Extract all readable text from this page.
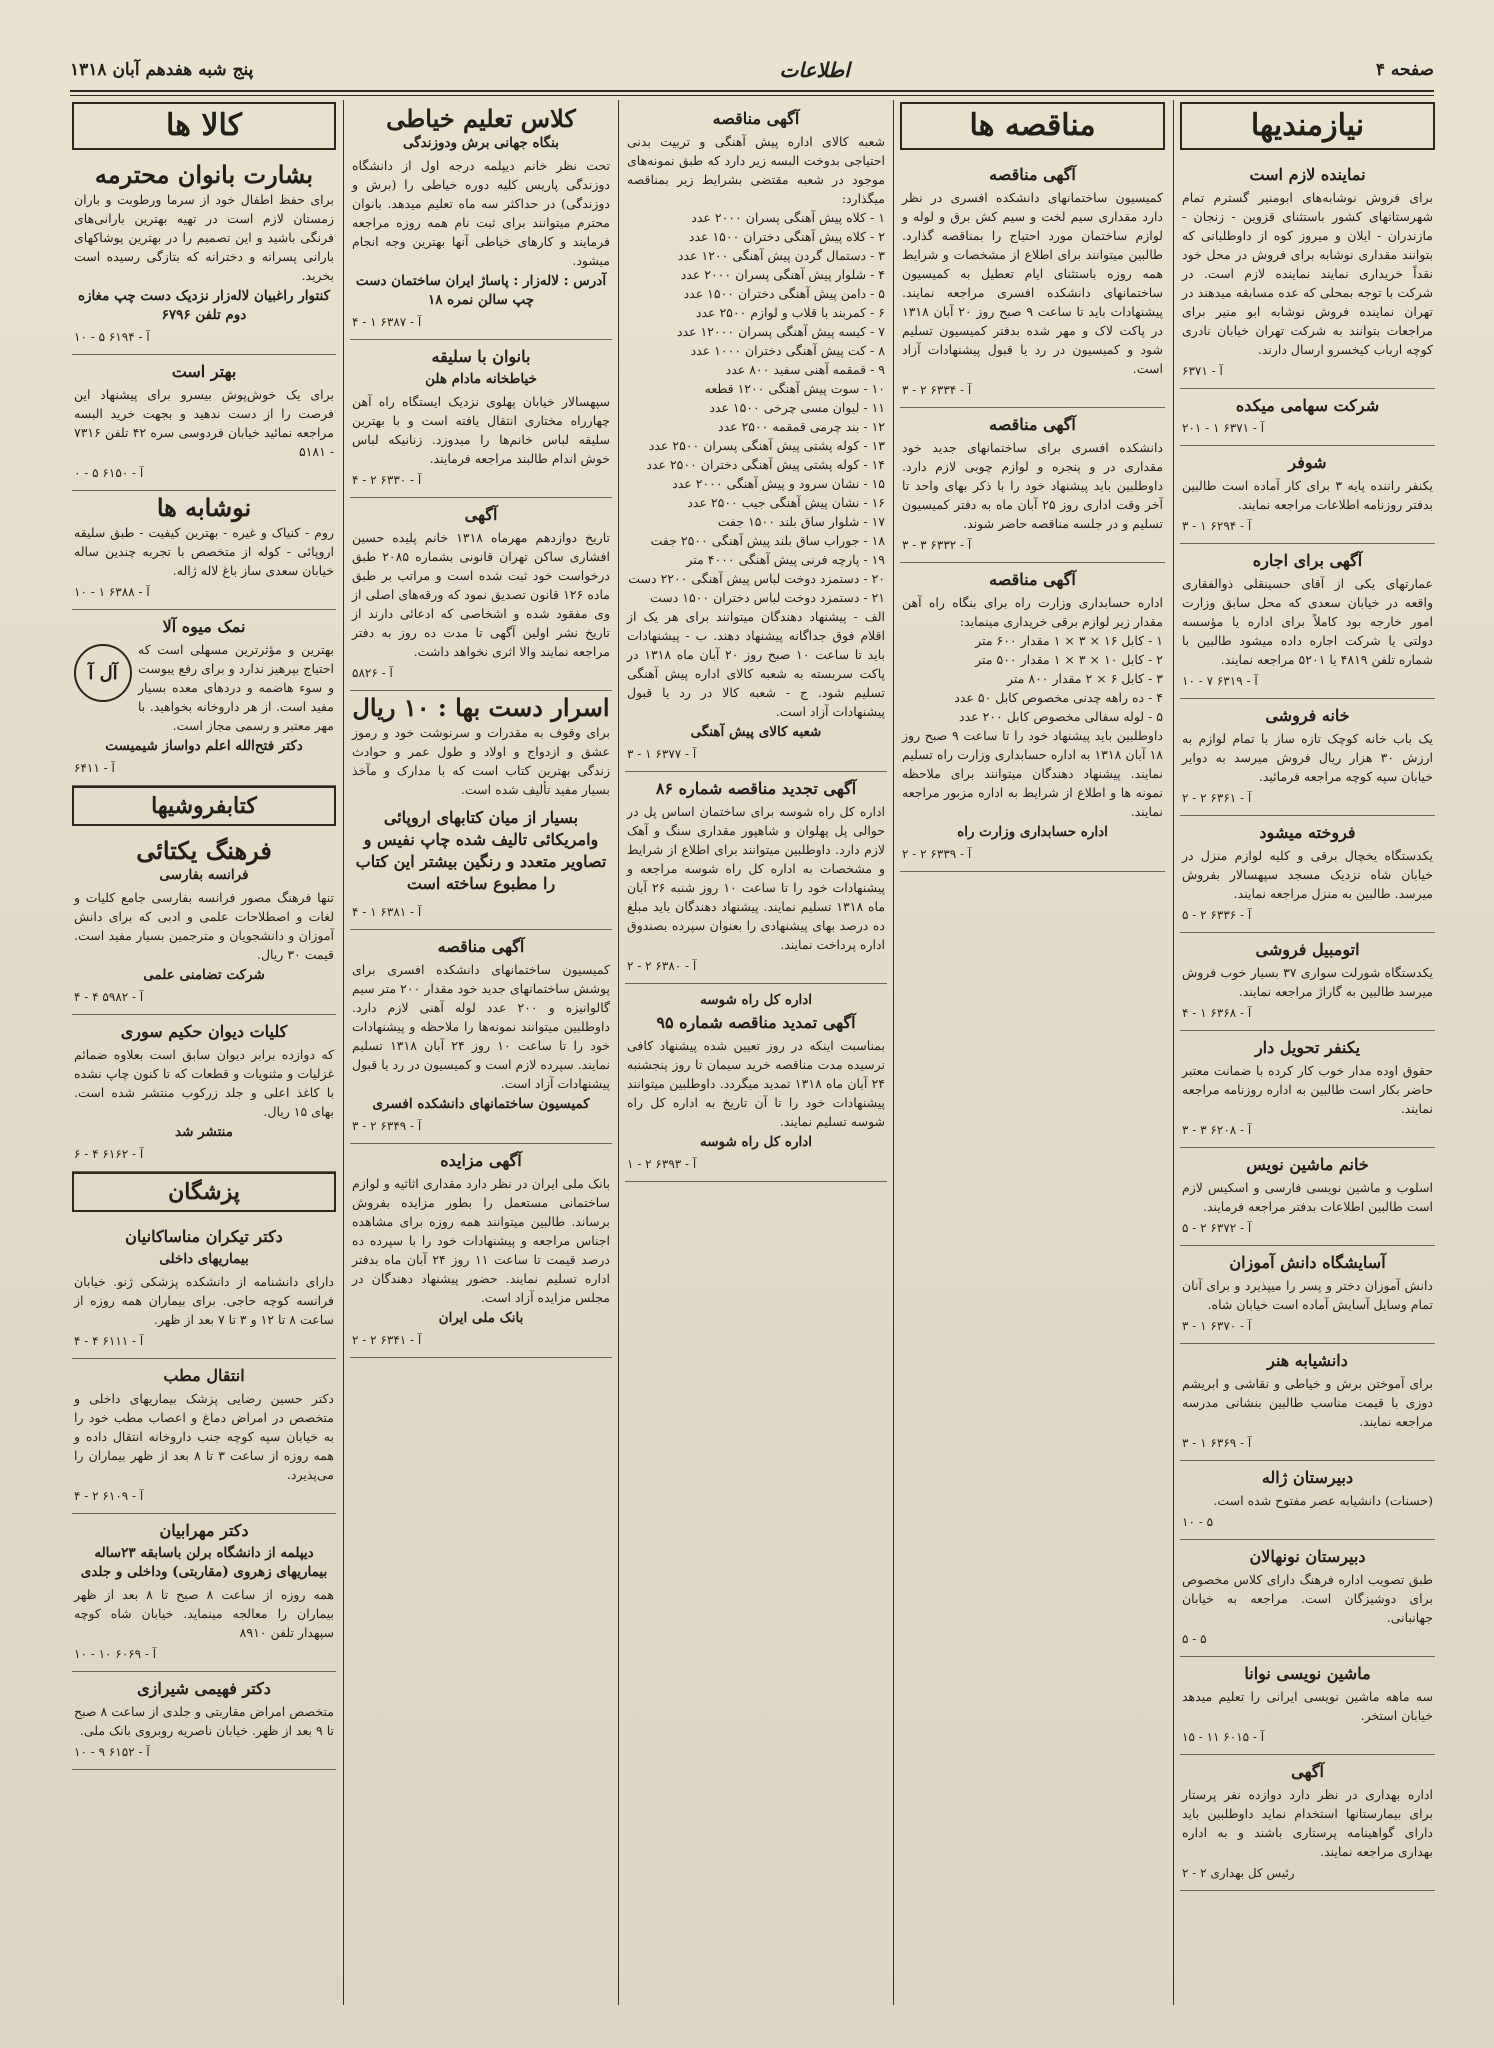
صفحه ۴
اطلاعات
پنج شبه هفدهم آبان ۱۳۱۸
نیازمندیها
نماینده لازم است

برای فروش نوشابه‌های ابومنیر گسترم تمام شهرستانهای کشور باستثنای قزوین - زنجان - مازندران - ایلان و میروز کوه از داوطلبانی که بتوانند مقداری نوشابه برای فروش در محل خود نقداً خریداری نمایند نماینده لازم است. در شرکت با توجه بمحلی که عده مسابقه میدهند در تهران نماینده فروش نوشابه ابو منیر برای مراجعات بتوانند به شرکت تهران خیابان نادری کوچه ارباب کیخسرو ارسال دارند.

آ - ۶۳۷۱
شرکت سهامی میکده
آ - ۶۳۷۱ ۱ - ۲۰۱
شوفر

یکنفر راننده پایه ۳ برای کار آماده است طالبین بدفتر روزنامه اطلاعات مراجعه نمایند.

آ - ۶۲۹۴ ۱ - ۳
آگهی برای اجاره

عمارتهای یکی از آقای حسینقلی ذوالفقاری واقعه در خیابان سعدی که محل سابق وزارت امور خارجه بود کاملاً برای اداره یا مؤسسه دولتی یا شرکت اجاره داده میشود طالبین با شماره تلفن ۴۸۱۹ یا ۵۲۰۱ مراجعه نمایند.

آ - ۶۳۱۹ ۷ - ۱۰
خانه فروشی

یک باب خانه کوچک تازه ساز با تمام لوازم به ارزش ۳۰ هزار ریال فروش میرسد به دوایر خیابان سپه کوچه مراجعه فرمائید.

آ - ۶۳۶۱ ۲ - ۲
فروخته میشود

یکدستگاه یخچال برقی و کلیه لوازم منزل در خیابان شاه نزدیک مسجد سپهسالار بفروش میرسد. طالبین به منزل مراجعه نمایند.

آ - ۶۳۳۶ ۲ - ۵
اتومبیل فروشی

یکدستگاه شورلت سواری ۳۷ بسیار خوب فروش میرسد طالبین به گاراژ مراجعه نمایند.

آ - ۶۳۶۸ ۱ - ۴
یکنفر تحویل دار

حقوق اوده مدار خوب کار کرده با ضمانت معتبر حاضر بکار است طالبین به اداره روزنامه مراجعه نمایند.

آ - ۶۲۰۸ ۳ - ۳
خانم ماشین نویس

اسلوب و ماشین نویسی فارسی و اسکیس لازم است طالبین اطلاعات بدفتر مراجعه فرمایند.

آ - ۶۳۷۲ ۲ - ۵
آسایشگاه دانش آموزان

دانش آموزان دختر و پسر را میپذیرد و برای آنان تمام وسایل آسایش آماده است خیابان شاه.

آ - ۶۳۷۰ ۱ - ۳
دانشیابه هنر

برای آموختن برش و خیاطی و نقاشی و ابریشم دوزی با قیمت مناسب طالبین بنشانی مدرسه مراجعه نمایند.

آ - ۶۳۶۹ ۱ - ۳
دبیرستان ژاله

(حسنات) دانشیابه عصر مفتوح شده است.

۵ - ۱۰
دبیرستان نونهالان

طبق تصویب اداره فرهنگ دارای کلاس مخصوص برای دوشیزگان است. مراجعه به خیابان جهانبانی.

۵ - ۵
ماشین نویسی نوانا

سه ماهه ماشین نویسی ایرانی را تعلیم میدهد خیابان استخر.

آ - ۶۰۱۵ ۱۱ - ۱۵
آگهی

اداره بهداری در نظر دارد دوازده نفر پرستار برای بیمارستانها استخدام نماید داوطلبین باید دارای گواهینامه پرستاری باشند و به اداره بهداری مراجعه نمایند.

رئیس کل بهداری ۲ - ۲
مناقصه ها
آگهی مناقصه

کمیسیون ساختمانهای دانشکده افسری در نظر دارد مقداری سیم لخت و سیم کش برق و لوله و لوازم ساختمان مورد احتیاج را بمناقصه گذارد. طالبین میتوانند برای اطلاع از مشخصات و شرایط همه روزه باستثنای ایام تعطیل به کمیسیون ساختمانهای دانشکده افسری مراجعه نمایند. پیشنهادات باید تا ساعت ۹ صبح روز ۲۰ آبان ۱۳۱۸ در پاکت لاک و مهر شده بدفتر کمیسیون تسلیم شود و کمیسیون در رد یا قبول پیشنهادات آزاد است.

آ - ۶۳۳۴ ۲ - ۳
آگهی مناقصه

دانشکده افسری برای ساختمانهای جدید خود مقداری در و پنجره و لوازم چوبی لازم دارد. داوطلبین باید پیشنهاد خود را با ذکر بهای واحد تا آخر وقت اداری روز ۲۵ آبان ماه به دفتر کمیسیون تسلیم و در جلسه مناقصه حاضر شوند.

آ - ۶۳۳۲ ۳ - ۳
آگهی مناقصه

اداره حسابداری وزارت راه برای بنگاه راه آهن مقدار زیر لوازم برقی خریداری مینماید:

۱ - کابل ۱۶ × ۳ × ۱ مقدار ۶۰۰ متر

۲ - کابل ۱۰ × ۳ × ۱ مقدار ۵۰۰ متر

۳ - کابل ۶ × ۲ مقدار ۸۰۰ متر

۴ - ده راهه چدنی مخصوص کابل ۵۰ عدد

۵ - لوله سفالی مخصوص کابل ۲۰۰ عدد

داوطلبین باید پیشنهاد خود را تا ساعت ۹ صبح روز ۱۸ آبان ۱۳۱۸ به اداره حسابداری وزارت راه تسلیم نمایند. پیشنهاد دهندگان میتوانند برای ملاحظه نمونه ها و اطلاع از شرایط به اداره مزبور مراجعه نمایند.

اداره حسابداری وزارت راه
آ - ۶۳۳۹ ۲ - ۲
آگهی مناقصه

شعبه کالای اداره پیش آهنگی و تربیت بدنی احتیاجی بدوخت البسه زیر دارد که طبق نمونه‌های موجود در شعبه مقتضی بشرایط زیر بمناقصه میگذارد:

۱ - کلاه پیش آهنگی پسران ۲۰۰۰ عدد

۲ - کلاه پیش آهنگی دختران ۱۵۰۰ عدد

۳ - دستمال گردن پیش آهنگی ۱۲۰۰ عدد

۴ - شلوار پیش آهنگی پسران ۲۰۰۰ عدد

۵ - دامن پیش آهنگی دختران ۱۵۰۰ عدد

۶ - کمربند با قلاب و لوازم ۲۵۰۰ عدد

۷ - کیسه پیش آهنگی پسران ۱۲۰۰۰ عدد

۸ - کت پیش آهنگی دختران ۱۰۰۰ عدد

۹ - قمقمه آهنی سفید ۸۰۰ عدد

۱۰ - سوت پیش آهنگی ۱۲۰۰ قطعه

۱۱ - لیوان مسی چرخی ۱۵۰۰ عدد

۱۲ - بند چرمی قمقمه ۲۵۰۰ عدد

۱۳ - کوله پشتی پیش آهنگی پسران ۲۵۰۰ عدد

۱۴ - کوله پشتی پیش آهنگی دختران ۲۵۰۰ عدد

۱۵ - نشان سرود و پیش آهنگی ۲۰۰۰ عدد

۱۶ - نشان پیش آهنگی جیب ۲۵۰۰ عدد

۱۷ - شلوار ساق بلند ۱۵۰۰ جفت

۱۸ - جوراب ساق بلند پیش آهنگی ۲۵۰۰ جفت

۱۹ - پارچه فرنی پیش آهنگی ۴۰۰۰ متر

۲۰ - دستمزد دوخت لباس پیش آهنگی ۲۲۰۰ دست

۲۱ - دستمزد دوخت لباس دختران ۱۵۰۰ دست

الف - پیشنهاد دهندگان میتوانند برای هر یک از اقلام فوق جداگانه پیشنهاد دهند. ب - پیشنهادات باید تا ساعت ۱۰ صبح روز ۲۰ آبان ماه ۱۳۱۸ در پاکت سربسته به شعبه کالای اداره پیش آهنگی تسلیم شود. ج - شعبه کالا در رد یا قبول پیشنهادات آزاد است.

شعبه کالای پیش آهنگی
آ - ۶۳۷۷ ۱ - ۳
آگهی تجدید مناقصه شماره ۸۶

اداره کل راه شوسه برای ساختمان اساس پل در حوالی پل پهلوان و شاهپور مقداری سنگ و آهک لازم دارد. داوطلبین میتوانند برای اطلاع از شرایط و مشخصات به اداره کل راه شوسه مراجعه و پیشنهادات خود را تا ساعت ۱۰ روز شنبه ۲۶ آبان ماه ۱۳۱۸ تسلیم نمایند. پیشنهاد دهندگان باید مبلغ ده درصد بهای پیشنهادی را بعنوان سپرده بصندوق اداره پرداخت نمایند.

آ - ۶۳۸۰ ۲ - ۲
اداره کل راه شوسه
آگهی تمدید مناقصه شماره ۹۵

بمناسبت اینکه در روز تعیین شده پیشنهاد کافی نرسیده مدت مناقصه خرید سیمان تا روز پنجشنبه ۲۴ آبان ماه ۱۳۱۸ تمدید میگردد. داوطلبین میتوانند پیشنهادات خود را تا آن تاریخ به اداره کل راه شوسه تسلیم نمایند.

اداره کل راه شوسه
آ - ۶۳۹۳ ۲ - ۱
کلاس تعلیم خیاطی
بنگاه جهانی برش ودوزندگی

تحت نظر خانم دیپلمه درجه اول از دانشگاه دوزندگی پاریس کلیه دوره خیاطی را (برش و دوزندگی) در حداکثر سه ماه تعلیم میدهد. بانوان محترم میتوانند برای ثبت نام همه روزه مراجعه فرمایند و کارهای خیاطی آنها بهترین وجه انجام میشود.

آدرس : لاله‌زار : پاساژ ایران ساختمان دست چپ سالن نمره ۱۸
آ - ۶۳۸۷ ۱ - ۴
بانوان با سلیقه
خیاطخانه مادام هلن

سپهسالار خیابان پهلوی نزدیک ایستگاه راه آهن چهارراه مختاری انتقال یافته است و با بهترین سلیقه لباس خانم‌ها را میدوزد. زنانیکه لباس خوش اندام طالبند مراجعه فرمایند.

آ - ۶۳۳۰ ۲ - ۴
آگهی

تاریخ دوازدهم مهرماه ۱۳۱۸ خانم پلیده حسین افشاری ساکن تهران قانونی بشماره ۲۰۸۵ طبق درخواست خود ثبت شده است و مراتب بر طبق ماده ۱۲۶ قانون تصدیق نمود که ورقه‌های اصلی از وی مفقود شده و اشخاصی که ادعائی دارند از تاریخ نشر اولین آگهی تا مدت ده روز به دفتر مراجعه نمایند والا اثری نخواهد داشت.

آ - ۵۸۲۶
اسرار دست بها : ۱۰ ریال

برای وقوف به مقدرات و سرنوشت خود و رموز عشق و ازدواج و اولاد و طول عمر و حوادث زندگی بهترین کتاب است که با مدارک و مآخذ بسیار مفید تألیف شده است.

بسیار از میان کتابهای اروپائی وامریکائی تالیف شده چاپ نفیس و تصاویر متعدد و رنگین بیشتر این کتاب را مطبوع ساخته است
آ - ۶۳۸۱ ۱ - ۴
آگهی مناقصه

کمیسیون ساختمانهای دانشکده افسری برای پوشش ساختمانهای جدید خود مقدار ۲۰۰ متر سیم گالوانیزه و ۲۰۰ عدد لوله آهنی لازم دارد. داوطلبین میتوانند نمونه‌ها را ملاحظه و پیشنهادات خود را تا ساعت ۱۰ روز ۲۴ آبان ۱۳۱۸ تسلیم نمایند. سپرده لازم است و کمیسیون در رد یا قبول پیشنهادات آزاد است.

کمیسیون ساختمانهای دانشکده افسری
آ - ۶۳۴۹ ۲ - ۳
آگهی مزایده

بانک ملی ایران در نظر دارد مقداری اثاثیه و لوازم ساختمانی مستعمل را بطور مزایده بفروش برساند. طالبین میتوانند همه روزه برای مشاهده اجناس مراجعه و پیشنهادات خود را با سپرده ده درصد قیمت تا ساعت ۱۱ روز ۲۴ آبان ماه بدفتر اداره تسلیم نمایند. حضور پیشنهاد دهندگان در مجلس مزایده آزاد است.

بانک ملی ایران
آ - ۶۳۴۱ ۲ - ۲
کالا ها
بشارت بانوان محترمه

برای حفظ اطفال خود از سرما ورطوبت و باران زمستان لازم است در تهیه بهترین بارانی‌های فرنگی باشید و این تصمیم را در بهترین پوشاکهای بارانی پسرانه و دخترانه که بتازگی رسیده است بخرید.

کنتوار راغبیان لاله‌زار نزدیک دست چپ مغازه دوم تلفن ۶۷۹۶
آ - ۶۱۹۴ ۵ - ۱۰
بهتر است

برای یک خوش‌پوش بیسرو برای پیشنهاد این فرصت را از دست ندهید و بجهت خرید البسه مراجعه نمائید خیابان فردوسی سره ۴۲ تلفن ۷۳۱۶ - ۵۱۸۱

آ - ۶۱۵۰ ۵ - ۰
نوشابه ها

روم - کنیاک و غیره - بهترین کیفیت - طبق سلیقه اروپائی - کوله از متخصص با تجربه چندین ساله خیابان سعدی ساز باغ لاله ژاله.

آ - ۶۳۸۸ ۱ - ۱۰
نمک میوه آلا
آل آ

بهترین و مؤثرترین مسهلی است که احتیاج بپرهیز ندارد و برای رفع یبوست و سوء هاضمه و دردهای معده بسیار مفید است. از هر داروخانه بخواهید. با مهر معتبر و رسمی مجاز است.

دکتر فتح‌الله اعلم دواساز شیمیست
آ - ۶۴۱۱
کتابفروشیها
فرهنگ یکتائی
فرانسه بفارسی

تنها فرهنگ مصور فرانسه بفارسی جامع کلیات و لغات و اصطلاحات علمی و ادبی که برای دانش آموزان و دانشجویان و مترجمین بسیار مفید است. قیمت ۳۰ ریال.

شرکت تضامنی علمی
آ - ۵۹۸۲ ۴ - ۴
کلیات دیوان حکیم سوری

که دوازده برابر دیوان سابق است بعلاوه ضمائم غزلیات و مثنویات و قطعات که تا کنون چاپ نشده با کاغذ اعلی و جلد زرکوب منتشر شده است. بهای ۱۵ ریال.

منتشر شد
آ - ۶۱۶۲ ۴ - ۶
پزشگان
دکتر تیکران مناساکانیان
بیماریهای داخلی

دارای دانشنامه از دانشکده پزشکی ژنو. خیابان فرانسه کوچه حاجی. برای بیماران همه روزه از ساعت ۸ تا ۱۲ و ۳ تا ۷ بعد از ظهر.

آ - ۶۱۱۱ ۴ - ۴
انتقال مطب

دکتر حسین رضایی پزشک بیماریهای داخلی و متخصص در امراض دماغ و اعصاب مطب خود را به خیابان سپه کوچه جنب داروخانه انتقال داده و همه روزه از ساعت ۳ تا ۸ بعد از ظهر بیماران را می‌پذیرد.

آ - ۶۱۰۹ ۲ - ۴
دکتر مهرابیان
دیپلمه از دانشگاه برلن باسابقه ۲۳ساله بیماریهای زهروی (مقاربتی) وداخلی و جلدی

همه روزه از ساعت ۸ صبح تا ۸ بعد از ظهر بیماران را معالجه مینماید. خیابان شاه کوچه سپهدار تلفن ۸۹۱۰

آ - ۶۰۶۹ ۱۰ - ۱۰
دکتر فهیمی شیرازی

متخصص امراض مقاربتی و جلدی از ساعت ۸ صبح تا ۹ بعد از ظهر. خیابان ناصریه روبروی بانک ملی.

آ - ۶۱۵۲ ۹ - ۱۰
